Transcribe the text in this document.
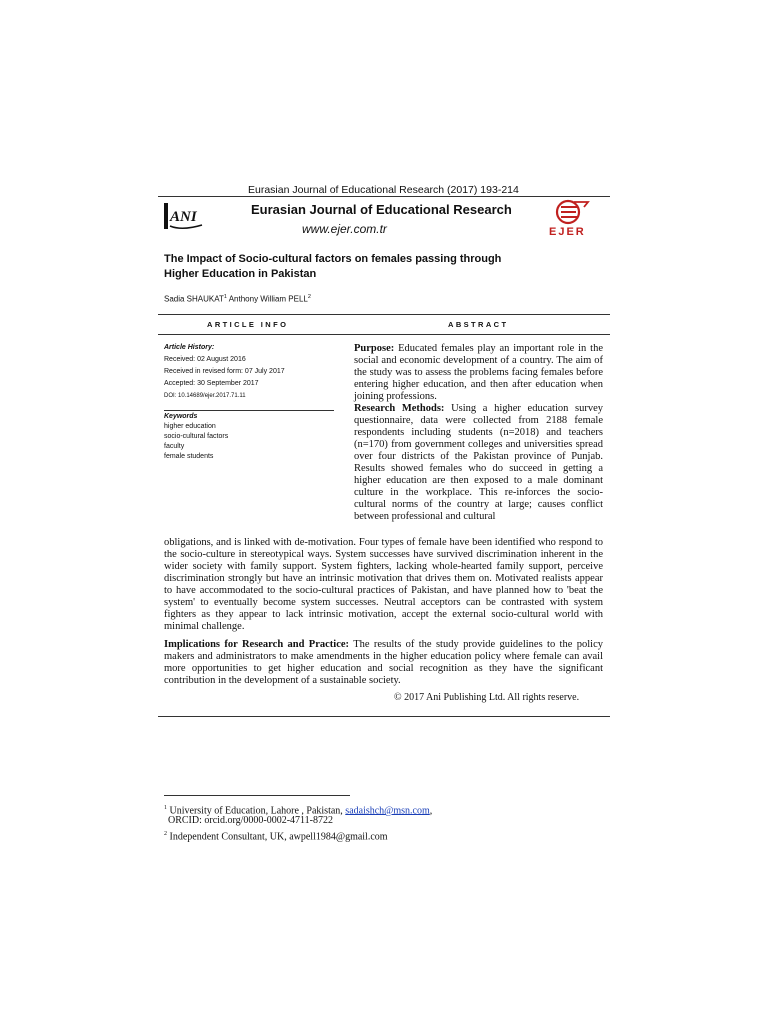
Eurasian Journal of Educational Research (2017) 193-214
ANI	Eurasian Journal of Educational Research
www.ejer.com.tr	EJER
The Impact of Socio-cultural factors on females passing through
Higher Education in Pakistan
Sadia SHAUKAT$^1$ Anthony William PELL$^2$
ARTICLE INFO	ABSTRACT
Article History:
Received: 02 August 2016
Received in revised form: 07 July 2017
Accepted: 30 September 2017
DOI: 10.14689/ejer.2017.71.11
Keywords
higher education
socio-cultural factors
faculty
female students

Purpose: Educated females play an important role in the social and economic development of a country. The aim of the study was to assess the problems facing females before entering higher education, and then after education when joining professions.

Research Methods: Using a higher education survey questionnaire, data were collected from 2188 female respondents including students (n=2018) and teachers (n=170) from government colleges and universities spread over four districts of the Pakistan province of Punjab. Results showed females who do succeed in getting a higher education are then exposed to a male dominant culture in the workplace. This re-inforces the socio-cultural norms of the country at large; causes conflict between professional and cultural

obligations, and is linked with de-motivation. Four types of female have been identified who respond to the socio-culture in stereotypical ways. System successes have survived discrimination inherent in the wider society with family support. System fighters, lacking whole-hearted family support, perceive discrimination strongly but have an intrinsic motivation that drives them on. Motivated realists appear to have accommodated to the socio-cultural practices of Pakistan, and have planned how to 'beat the system' to eventually become system successes. Neutral acceptors can be contrasted with system fighters as they appear to lack intrinsic motivation, accept the external socio-cultural world with minimal challenge.

Implications for Research and Practice: The results of the study provide guidelines to the policy makers and administrators to make amendments in the higher education policy where female can avail more opportunities to get higher education and social recognition as they have the significant contribution in the development of a sustainable society.

© 2017 Ani Publishing Ltd. All rights reserve.
$^1$ University of Education, Lahore , Pakistan, sadaishch@msn.com,
ORCID: orcid.org/0000-0002-4711-8722
$^2$ Independent Consultant, UK, awpell1984@gmail.com
